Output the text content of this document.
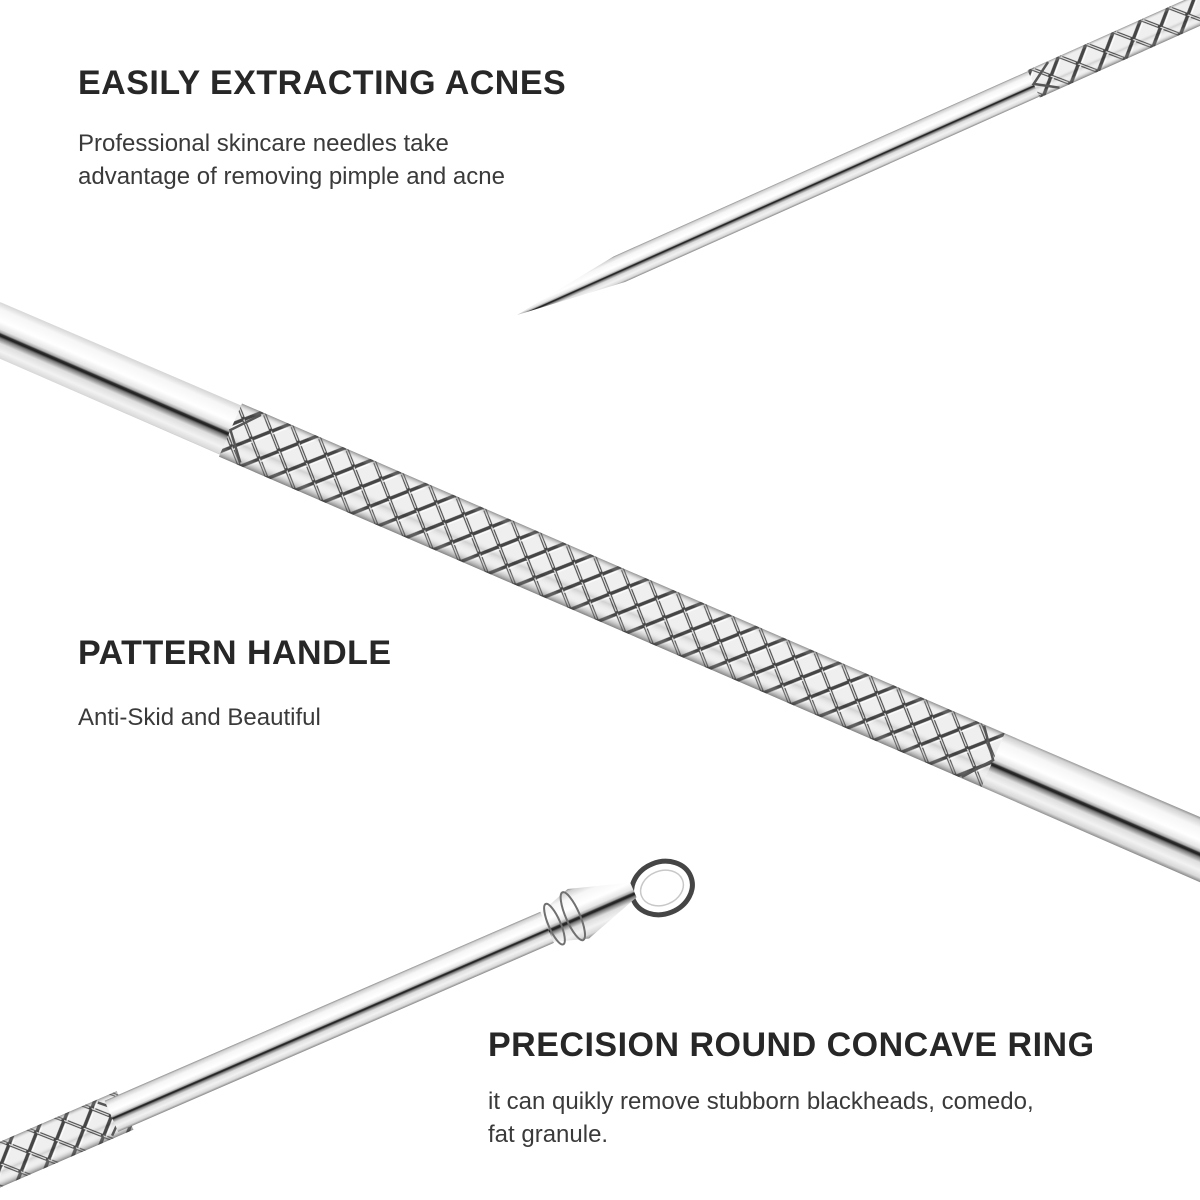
EASILY EXTRACTING ACNES

Professional skincare needles take advantage of removing pimple and acne

PATTERN HANDLE

Anti-Skid and Beautiful

PRECISION ROUND CONCAVE RING

it can quikly remove stubborn blackheads, comedo, fat granule.
